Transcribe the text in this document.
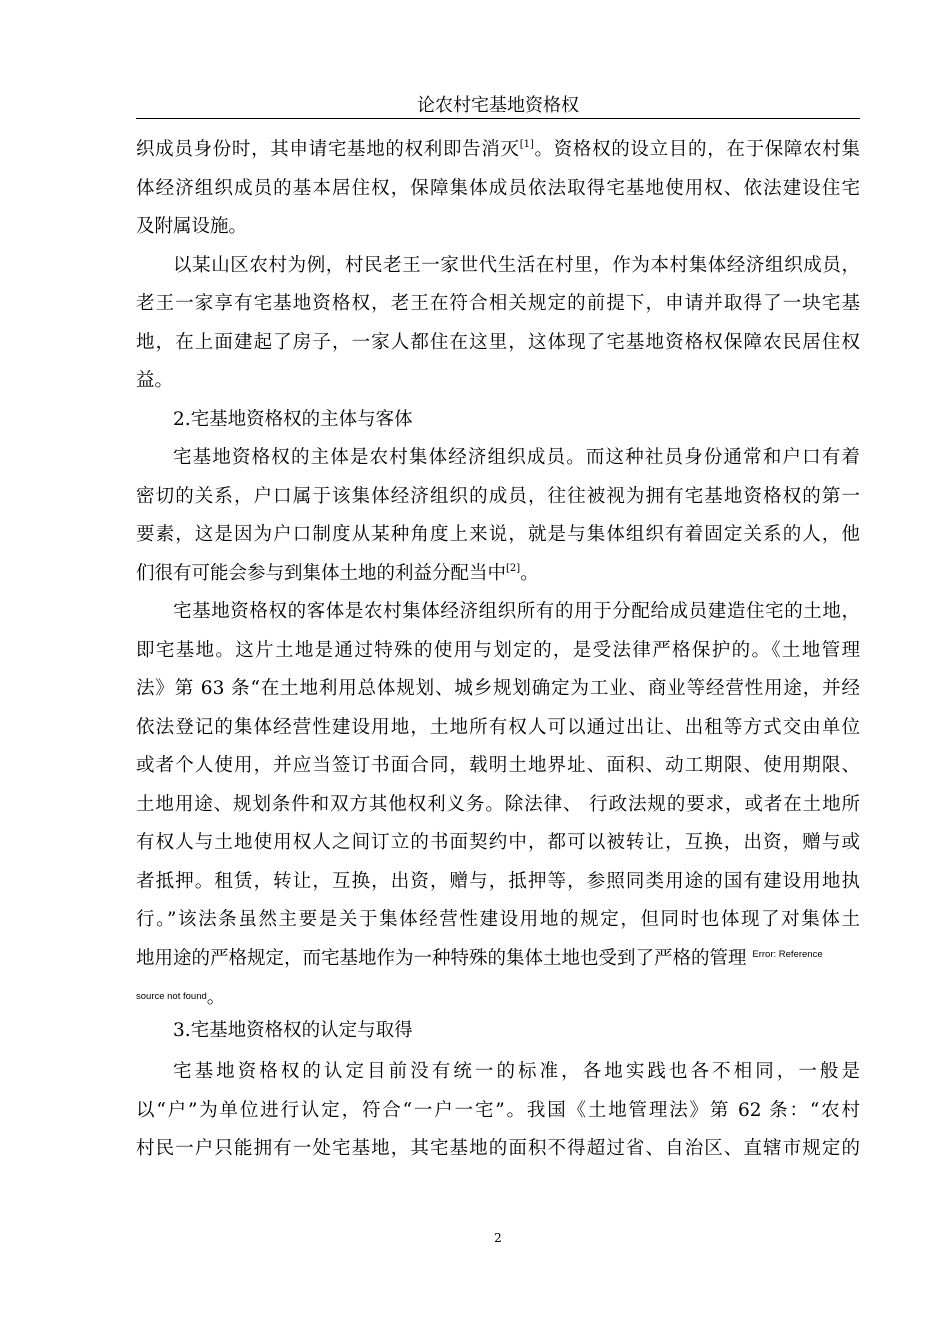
论农村宅基地资格权
织成员身份时，其申请宅基地的权利即告消灭[1]。资格权的设立目的，在于保障农村集
体经济组织成员的基本居住权，保障集体成员依法取得宅基地使用权、依法建设住宅
及附属设施。
以某山区农村为例，村民老王一家世代生活在村里，作为本村集体经济组织成员，
老王一家享有宅基地资格权，老王在符合相关规定的前提下，申请并取得了一块宅基
地，在上面建起了房子，一家人都住在这里，这体现了宅基地资格权保障农民居住权
益。
2.宅基地资格权的主体与客体
宅基地资格权的主体是农村集体经济组织成员。而这种社员身份通常和户口有着
密切的关系，户口属于该集体经济组织的成员，往往被视为拥有宅基地资格权的第一
要素，这是因为户口制度从某种角度上来说，就是与集体组织有着固定关系的人，他
们很有可能会参与到集体土地的利益分配当中[2]。
宅基地资格权的客体是农村集体经济组织所有的用于分配给成员建造住宅的土地，
即宅基地。这片土地是通过特殊的使用与划定的，是受法律严格保护的。《土地管理
法》第 63 条“在土地利用总体规划、城乡规划确定为工业、商业等经营性用途，并经
依法登记的集体经营性建设用地，土地所有权人可以通过出让、出租等方式交由单位
或者个人使用，并应当签订书面合同，载明土地界址、面积、动工期限、使用期限、
土地用途、规划条件和双方其他权利义务。除法律、 行政法规的要求，或者在土地所
有权人与土地使用权人之间订立的书面契约中，都可以被转让，互换，出资，赠与或
者抵押。租赁，转让，互换，出资，赠与，抵押等，参照同类用途的国有建设用地执
行。”该法条虽然主要是关于集体经营性建设用地的规定，但同时也体现了对集体土
地用途的严格规定，而宅基地作为一种特殊的集体土地也受到了严格的管理 $^{Error: Reference}$
source not found。
3.宅基地资格权的认定与取得
宅基地资格权的认定目前没有统一的标准，各地实践也各不相同，一般是
以“户”为单位进行认定，符合“一户一宅”。我国《土地管理法》第 62 条：“农村
村民一户只能拥有一处宅基地，其宅基地的面积不得超过省、自治区、直辖市规定的
2
